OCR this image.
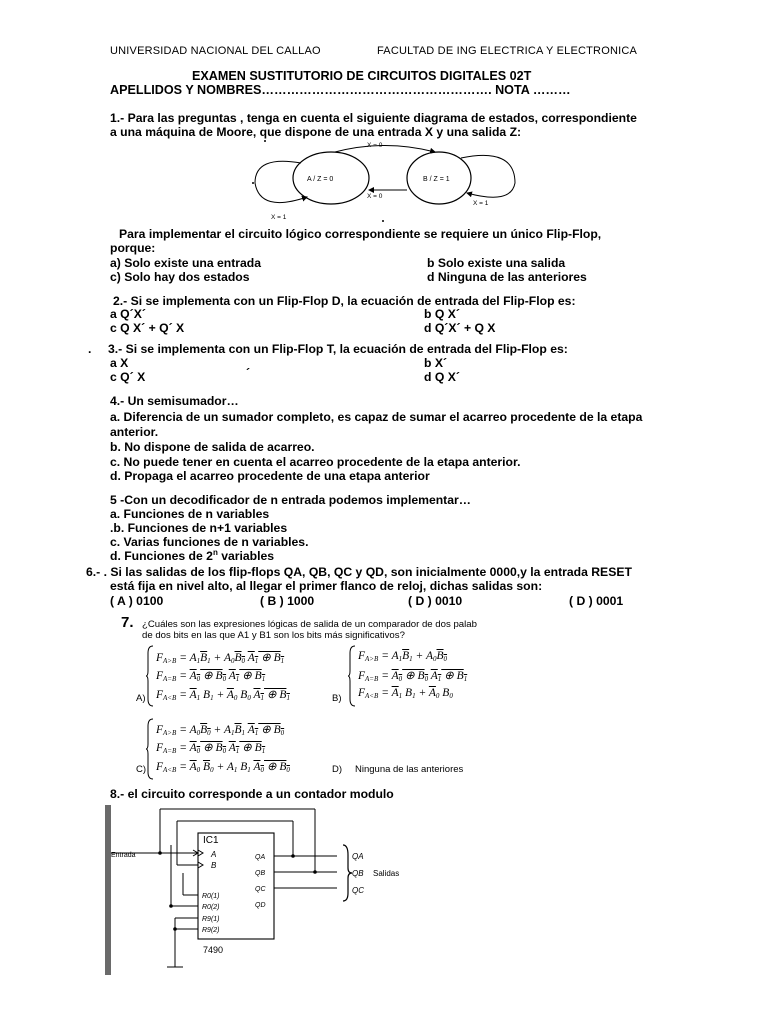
UNIVERSIDAD NACIONAL DEL CALLAO	FACULTAD DE ING ELECTRICA Y ELECTRONICA
EXAMEN SUSTITUTORIO DE CIRCUITOS DIGITALES 02T
APELLIDOS Y NOMBRES………………………………………………. NOTA ………
1.- Para las preguntas , tenga en cuenta el siguiente diagrama de estados, correspondiente
a una máquina de Moore, que dispone de una entrada X y una salida Z:
A / Z = 0	B / Z = 1
X = 0
X = 0
X = 1
X = 1
Para implementar el circuito lógico correspondiente se requiere un único Flip-Flop,
porque:
a) Solo existe una entrada	b Solo existe una salida
c) Solo hay dos estados	d Ninguna de las anteriores
2.- Si se implementa con un Flip-Flop D, la ecuación de entrada del Flip-Flop es:
a Q´X´	b Q X´
c Q X´ + Q´ X	d Q´X´ + Q X
. 3.- Si se implementa con un Flip-Flop T, la ecuación de entrada del Flip-Flop es:
a X	b X´
c Q´ X	´	d Q X´
4.- Un semisumador…
a. Diferencia de un sumador completo, es capaz de sumar el acarreo procedente de la etapa
anterior.
b. No dispone de salida de acarreo.
c. No puede tener en cuenta el acarreo procedente de la etapa anterior.
d. Propaga el acarreo procedente de una etapa anterior
5 -Con un decodificador de n entrada podemos implementar…
a. Funciones de n variables
.b. Funciones de n+1 variables
c. Varias funciones de n variables.
d. Funciones de 2$^n$ variables
6.- . Si las salidas de los flip-flops QA, QB, QC y QD, son inicialmente 0000,y la entrada RESET
está fija en nivel alto, al llegar el primer flanco de reloj, dichas salidas son:
( A ) 0100	( B ) 1000	( D ) 0010	( D ) 0001
7. ¿Cuáles son las expresiones lógicas de salida de un comparador de dos palab
de dos bits en las que A1 y B1 son los bits más significativos?
$F_{A>B} = A_1\overline{B}_1 + A_0B_0$ $A_1$ ⊕ $B_1$
$F_{A=B} = A_0$ ⊕ $B_0$ $A_1$ ⊕ $B_1$
$F_{A<B} = \overline{A}_1$ $B_1 + \overline{A}_0$ $B_0$ $A_1$ ⊕ $B_1$
A)
$F_{A>B} = A_1\overline{B}_1 + A_0B_0$
$F_{A=B} = A_0$ ⊕ $B_0$ $A_1$ ⊕ $B_1$
$F_{A<B} = \overline{A}_1$ $B_1 + \overline{A}_0$ $B_0$
B)
$F_{A>B} = A_0B_0 + A_1\overline{B}_1$ $A_1$ ⊕ $B_0$
$F_{A=B} = A_0$ ⊕ $B_0$ $A_1$ ⊕ $B_1$
$F_{A<B} = \overline{A}_0$ $\overline{B}_0 + A_1$ $B_1$ $A_0$ ⊕ $B_0$
C)	D) Ninguna de las anteriores
8.- el circuito corresponde a un contador modulo
IC1
7490
Entrada	A
B
R0(1)
R0(2)
R9(1)
R9(2)
QA
QB
QC
QD
QA
QB
QC
Salidas
